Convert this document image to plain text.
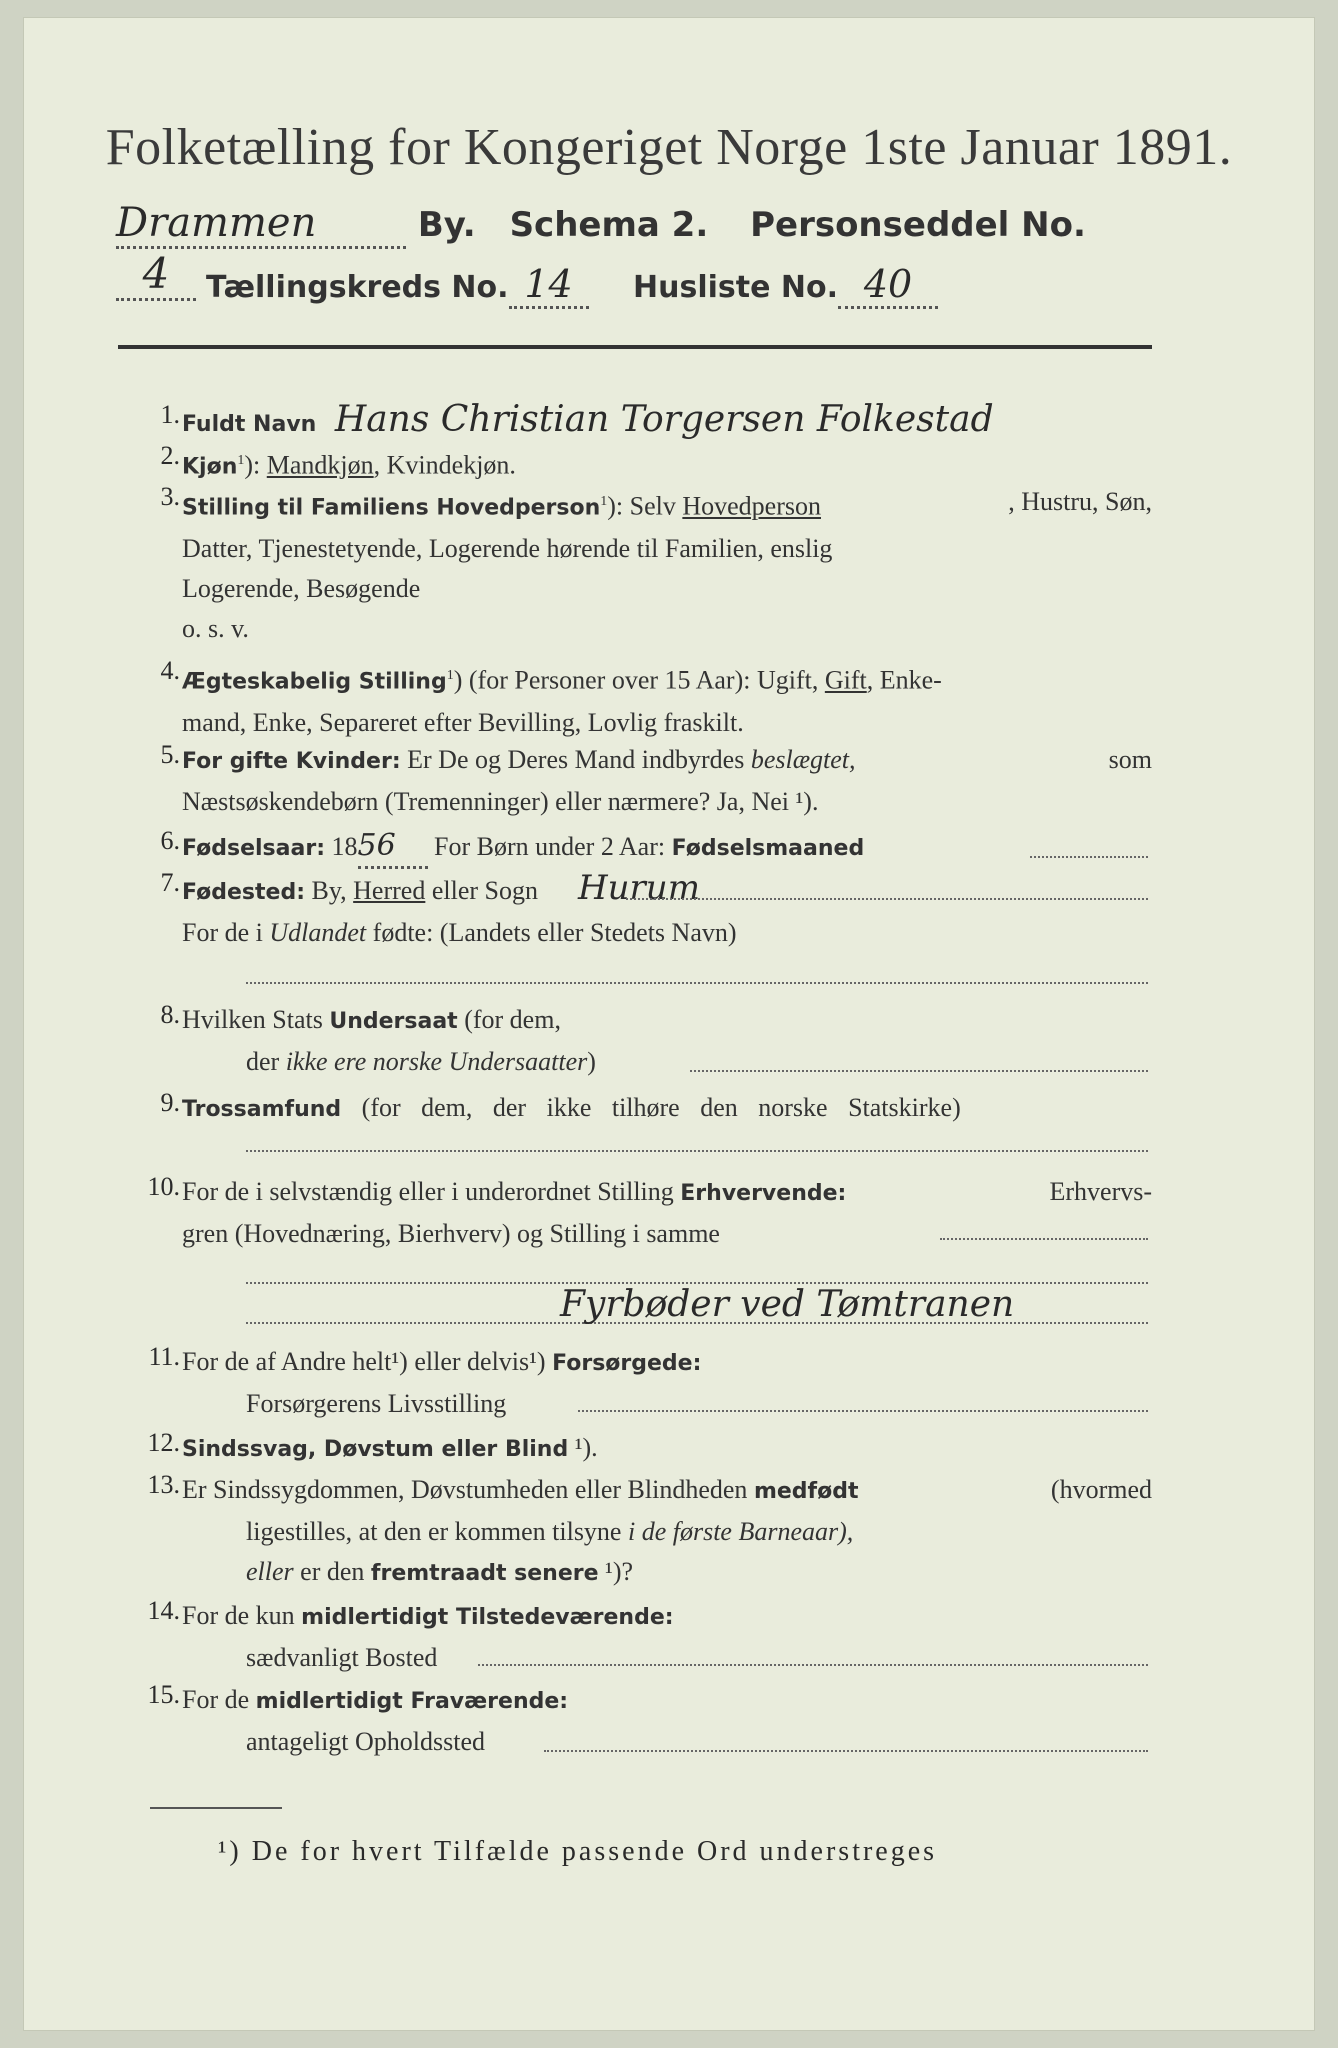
Folketælling for Kongeriget Norge 1ste Januar 1891.
Drammen	By. Schema 2. Personseddel No.4	Tællingskreds No. 14 Husliste No. 40
1. Fuldt Navn Hans Christian Torgersen Folkestad
2. Kjøn$^1$): Mandkjøn, Kvindekjøn.
3. Stilling til Familiens Hovedperson$^1$): Selv Hovedperson	, Hustru, Søn,
Datter, Tjenestetyende, Logerende hørende til Familien, enslig
Logerende, Besøgende
o. s. v.
4. Ægteskabelig Stilling$^1$) (for Personer over 15 Aar): Ugift, Gift, Enke-
mand, Enke, Separeret efter Bevilling, Lovlig fraskilt.
5. For gifte Kvinder: Er De og Deres Mand indbyrdes beslægtet,	som
Næstsøskendebørn (Tremenninger) eller nærmere? Ja, Nei ¹).
6. Fødselsaar: 1856 For Børn under 2 Aar: Fødselsmaaned
7. Fødested: By, Herred eller Sogn Hurum
For de i Udlandet fødte: (Landets eller Stedets Navn)
8. Hvilken Stats Undersaat (for dem,
der ikke ere norske Undersaatter)
9. Trossamfund (for dem, der ikke tilhøre den norske Statskirke)
10. For de i selvstændig eller i underordnet Stilling Erhvervende:	Erhvervs-
gren (Hovednæring, Bierhverv) og Stilling i samme
Fyrbøder ved Tømtranen
11. For de af Andre helt¹) eller delvis¹) Forsørgede:
Forsørgerens Livsstilling
12. Sindssvag, Døvstum eller Blind ¹).
13. Er Sindssygdommen, Døvstumheden eller Blindheden medfødt	(hvormed
ligestilles, at den er kommen tilsyne i de første Barneaar),
eller er den fremtraadt senere ¹)?
14. For de kun midlertidigt Tilstedeværende:
sædvanligt Bosted
15. For de midlertidigt Fraværende:
antageligt Opholdssted
¹) De for hvert Tilfælde passende Ord understreges
